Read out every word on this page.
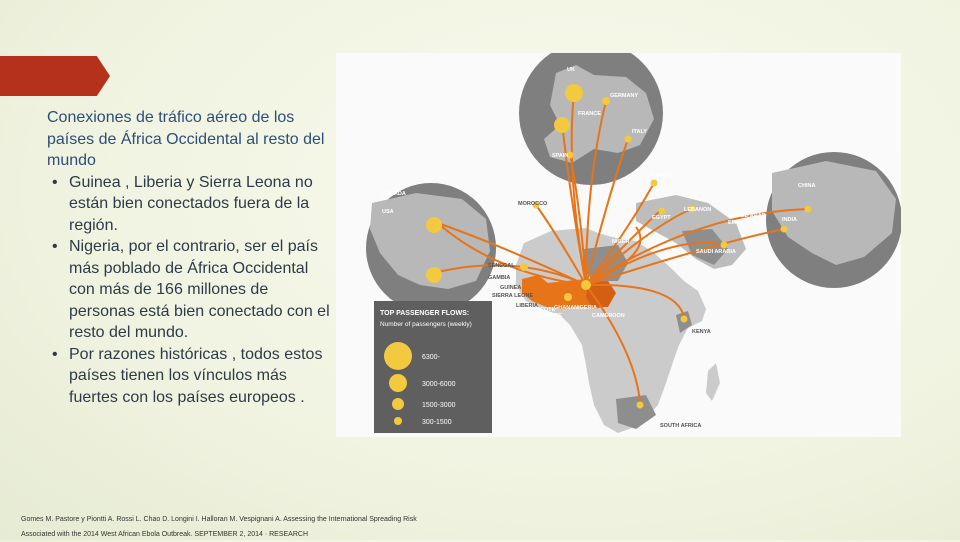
Conexiones de tráfico aéreo de los países de África Occidental al resto del mundo

• Guinea , Liberia y Sierra Leona no están bien conectados fuera de la región.
• Nigeria, por el contrario, ser el país más poblado de África Occidental con más de 166 millones de personas está bien conectado con el resto del mundo.
• Por razones históricas , todos estos países tienen los vínculos más fuertes con los países europeos .
UK
GERMANY
FRANCE
ITALY
SPAIN
CANADA
USA
TURKEY
CHINA
MOROCCO
EGYPT
LEBANON
UNITED ARAB
EMIRATES	INDIA
SAUDI ARABIA
NIGER
SENEGAL
GAMBIA
GUINEA
SIERRA LEONE
LIBERIA
COTE
D'IVOIRE
GHANA NIGERIA
CAMEROON
KENYA
SOUTH AFRICA
TOP PASSENGER FLOWS:
Number of passengers (weekly)
6300-
3000-6000
1500-3000
300-1500
Gomes M. Pastore y Piontti A. Rossi L. Chao D. Longini I. Halloran M. Vespignani A. Assessing the International Spreading Risk
Associated with the 2014 West African Ebola Outbreak. SEPTEMBER 2, 2014 · RESEARCH
